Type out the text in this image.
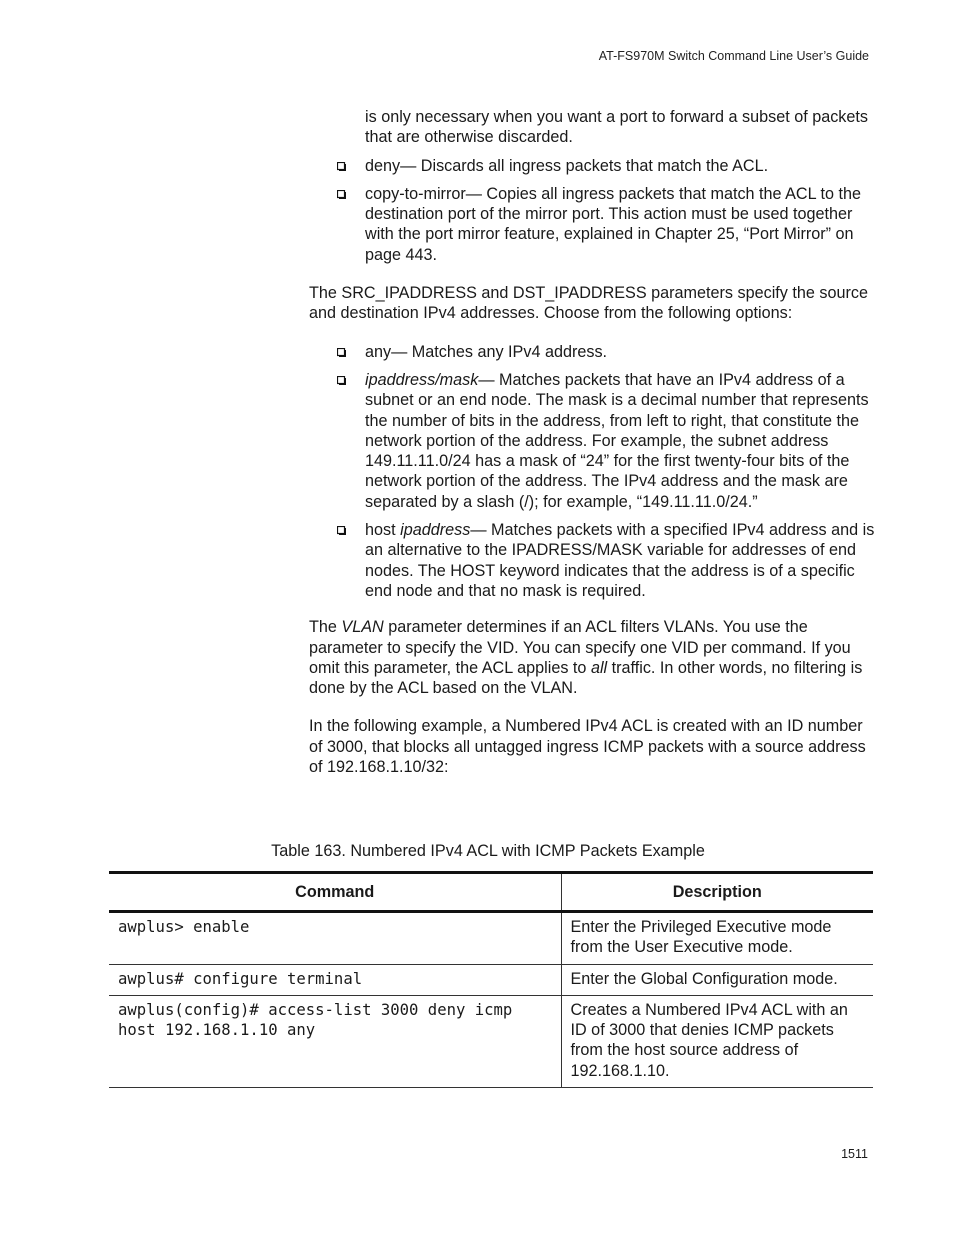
AT-FS970M Switch Command Line User’s Guide

is only necessary when you want a port to forward a subset of packets that are otherwise discarded.

deny— Discards all ingress packets that match the ACL.

copy-to-mirror— Copies all ingress packets that match the ACL to the destination port of the mirror port. This action must be used together with the port mirror feature, explained in Chapter 25, “Port Mirror” on page 443.

The SRC_IPADDRESS and DST_IPADDRESS parameters specify the source and destination IPv4 addresses. Choose from the following options:

any— Matches any IPv4 address.

ipaddress/mask— Matches packets that have an IPv4 address of a subnet or an end node. The mask is a decimal number that represents the number of bits in the address, from left to right, that constitute the network portion of the address. For example, the subnet address 149.11.11.0/24 has a mask of “24” for the first twenty-four bits of the network portion of the address. The IPv4 address and the mask are separated by a slash (/); for example, “149.11.11.0/24.”

host ipaddress— Matches packets with a specified IPv4 address and is an alternative to the IPADRESS/MASK variable for addresses of end nodes. The HOST keyword indicates that the address is of a specific end node and that no mask is required.

The VLAN parameter determines if an ACL filters VLANs. You use the parameter to specify the VID. You can specify one VID per command. If you omit this parameter, the ACL applies to all traffic. In other words, no filtering is done by the ACL based on the VLAN.

In the following example, a Numbered IPv4 ACL is created with an ID number of 3000, that blocks all untagged ingress ICMP packets with a source address of 192.168.1.10/32:

Table 163. Numbered IPv4 ACL with ICMP Packets Example
Command	Description
awplus> enable	Enter the Privileged Executive mode from the User Executive mode.
awplus# configure terminal	Enter the Global Configuration mode.
awplus(config)# access-list 3000 deny icmp host 192.168.1.10 any	Creates a Numbered IPv4 ACL with an ID of 3000 that denies ICMP packets from the host source address of 192.168.1.10.
1511
